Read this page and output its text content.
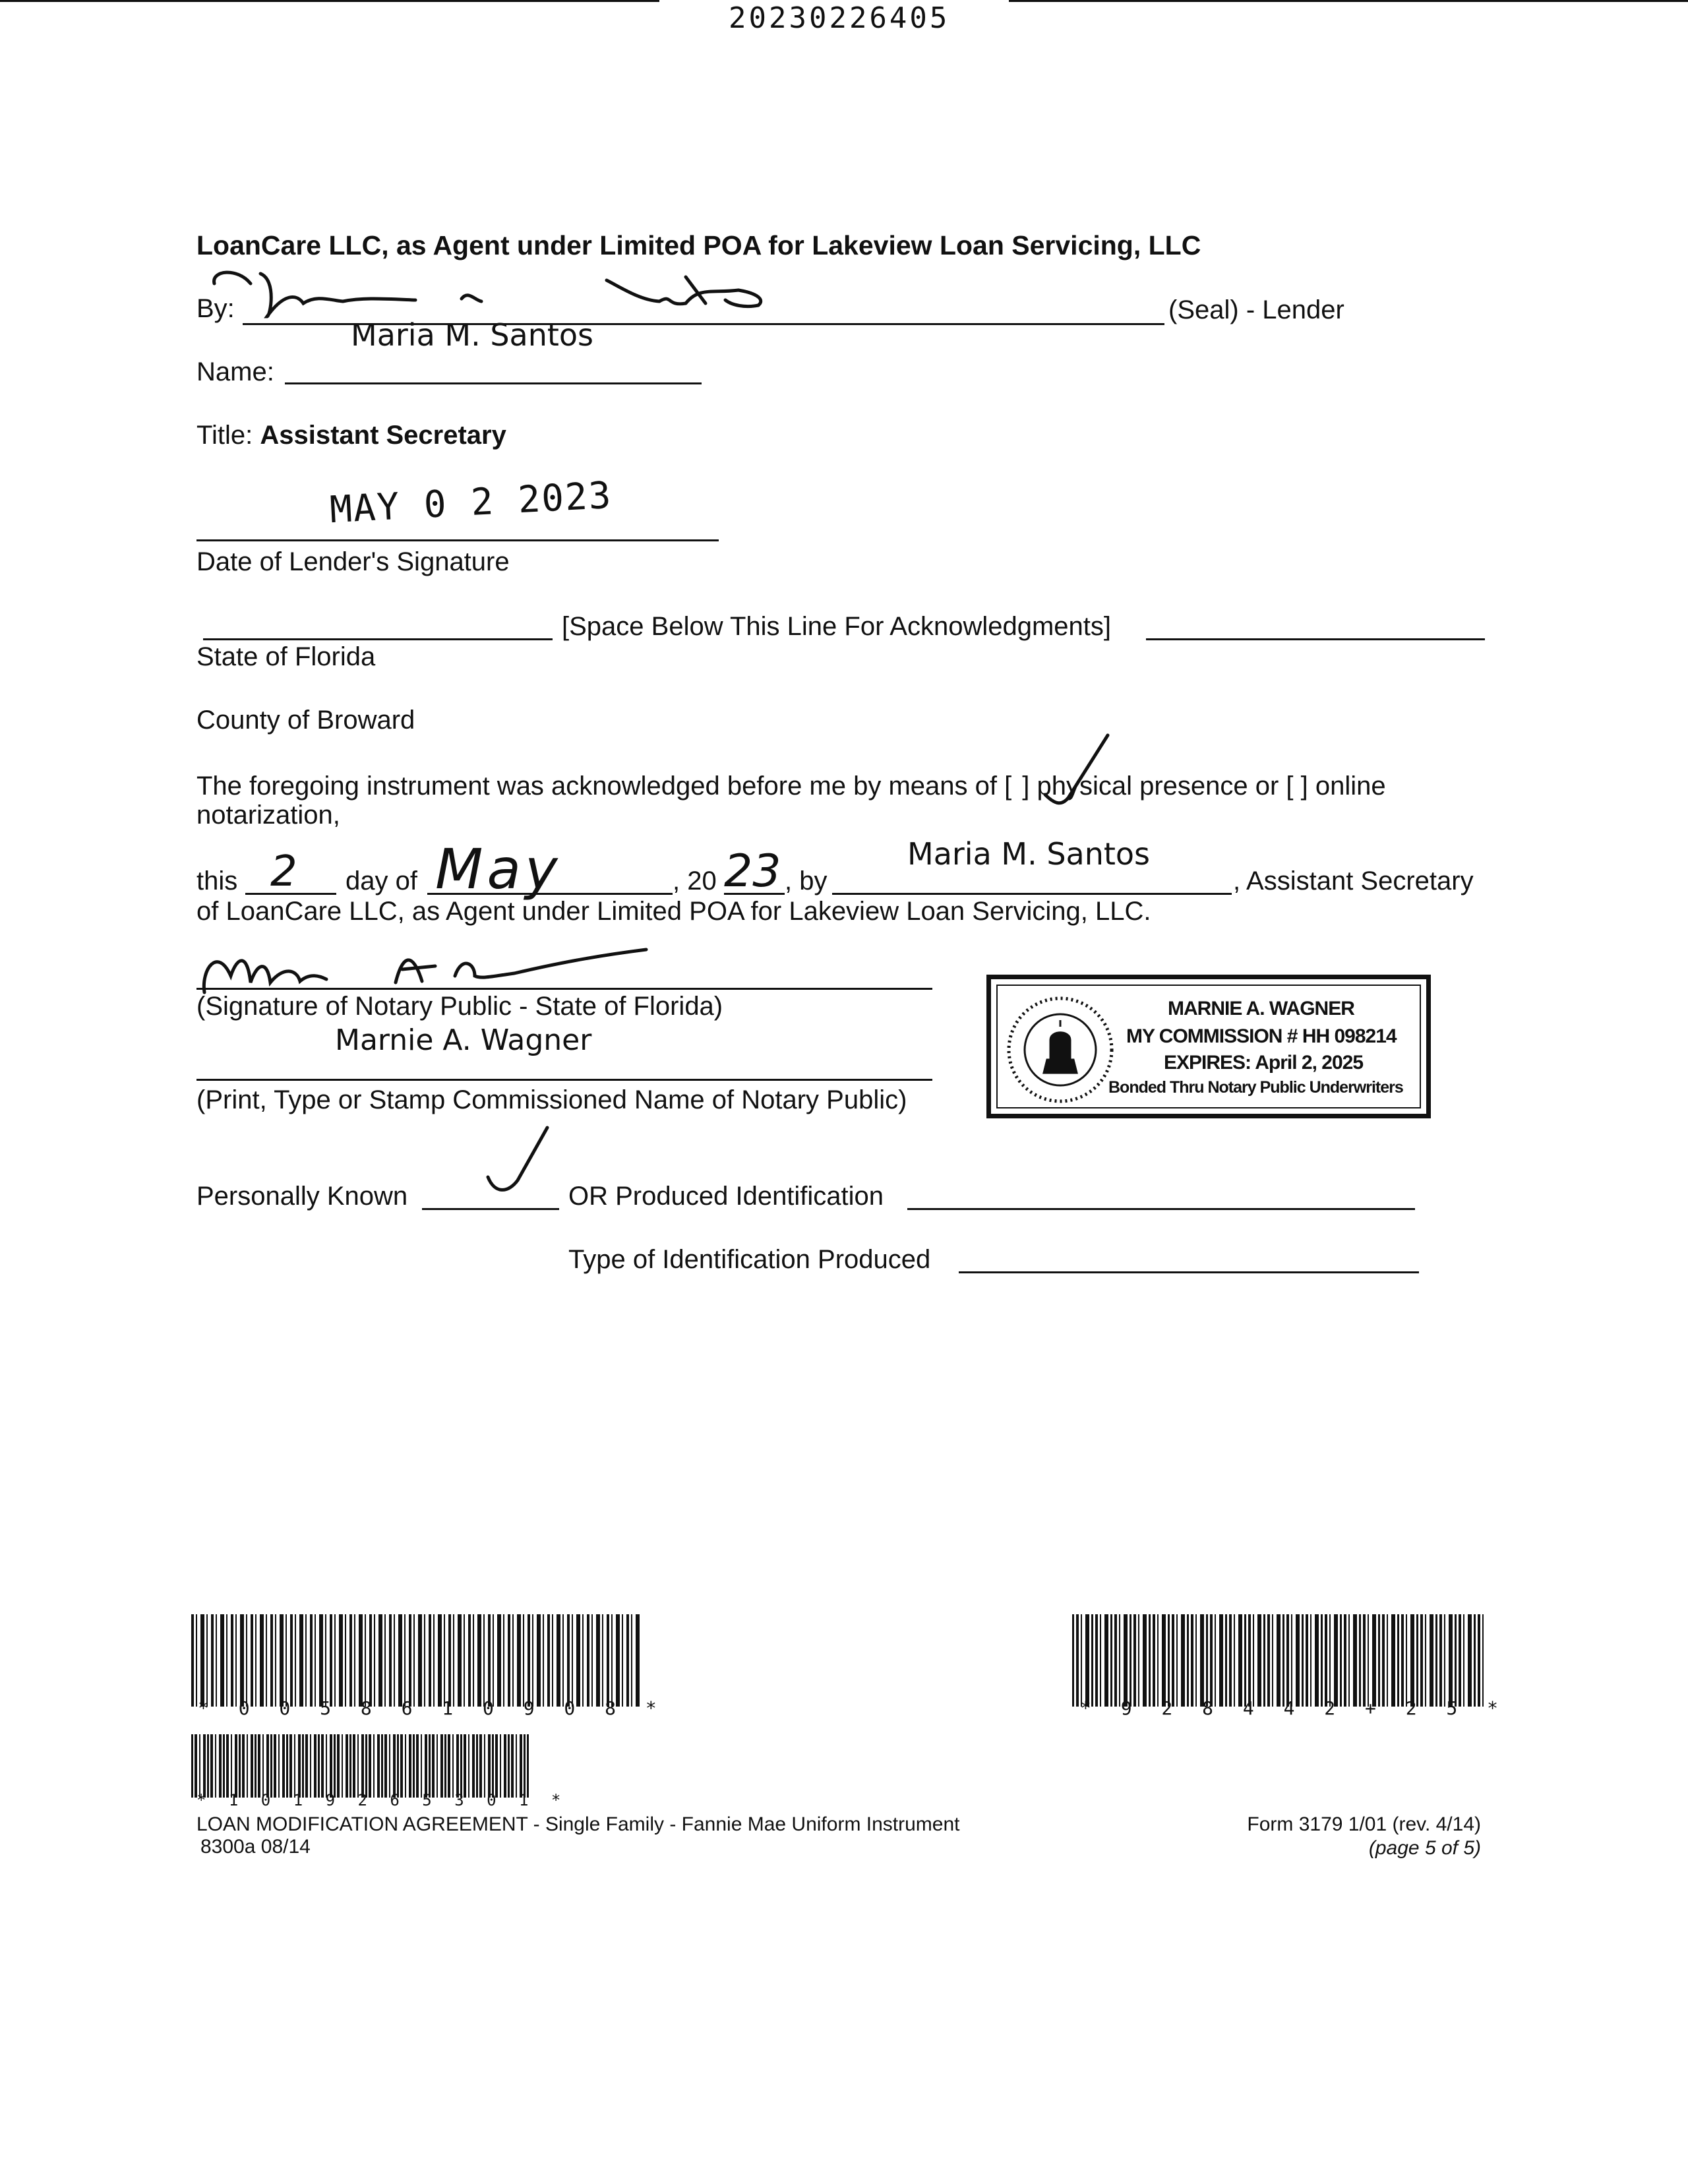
20230226405
LoanCare LLC, as Agent under Limited POA for Lakeview Loan Servicing, LLC
By:	(Seal) - Lender
Maria M. Santos
Name:
Title: Assistant Secretary
MAY 0 2 2023
Date of Lender's Signature
[Space Below This Line For Acknowledgments]
State of Florida
County of Broward
The foregoing instrument was acknowledged before me by means of [ ] physical presence or [ ] online
notarization,
this 2 day of May	, 20 23 , by
Maria M. Santos
, Assistant Secretary
of LoanCare LLC, as Agent under Limited POA for Lakeview Loan Servicing, LLC.
(Signature of Notary Public - State of Florida)
Marnie A. Wagner
(Print, Type or Stamp Commissioned Name of Notary Public)
MARNIE A. WAGNER
MY COMMISSION # HH 098214
EXPIRES: April 2, 2025
Bonded Thru Notary Public Underwriters
Personally Known	OR Produced Identification
Type of Identification Produced
* 0 0 5 8 6 1 0 9 0 8 *	* 9 2 8 4 4 2 + 2 5 *
* 1 0 1 9 2 6 5 3 0 1 *
LOAN MODIFICATION AGREEMENT - Single Family - Fannie Mae Uniform Instrument
8300a 08/14
Form 3179 1/01 (rev. 4/14)
(page 5 of 5)
